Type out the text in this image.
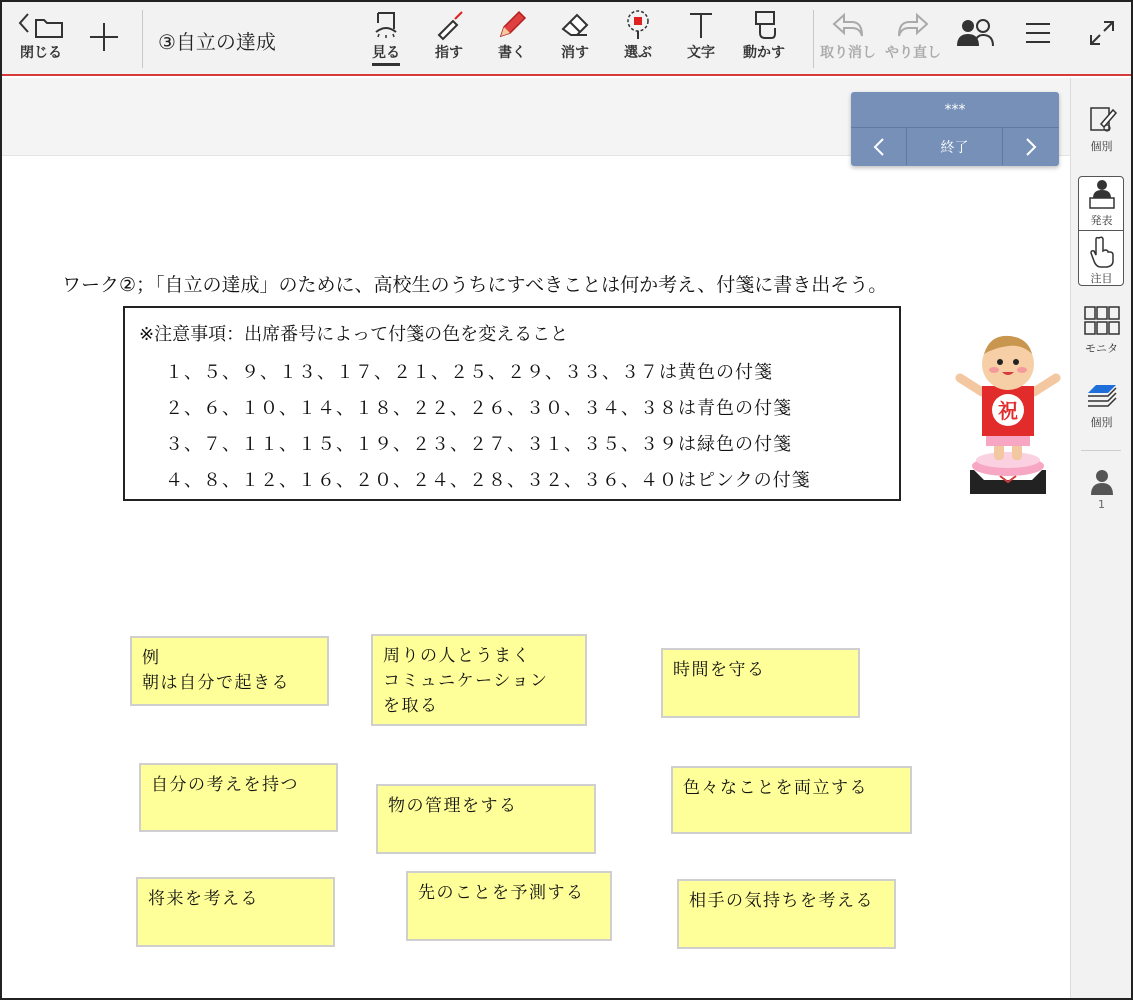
閉じる	③自立の達成	見る	指す	書く	消す	選ぶ	文字 動かす	取り消し やり直し
***
終了	個別
発表
注目
モニタ
個別
1
ワーク②；「自立の達成」のために、高校生のうちにすべきことは何か考え、付箋に書き出そう。
※注意事項：出席番号によって付箋の色を変えること
１、５、９、１３、１７、２１、２５、２９、３３、３７は黄色の付箋
２、６、１０、１４、１８、２２、２６、３０、３４、３８は青色の付箋
３、７、１１、１５、１９、２３、２７、３１、３５、３９は緑色の付箋
４、８、１２、１６、２０、２４、２８、３２、３６、４０はピンクの付箋
祝
例
朝は自分で起きる
周りの人とうまく
コミュニケーション
を取る
時間を守る
自分の考えを持つ
物の管理をする
色々なことを両立する
将来を考える	先のことを予測する	相手の気持ちを考える
